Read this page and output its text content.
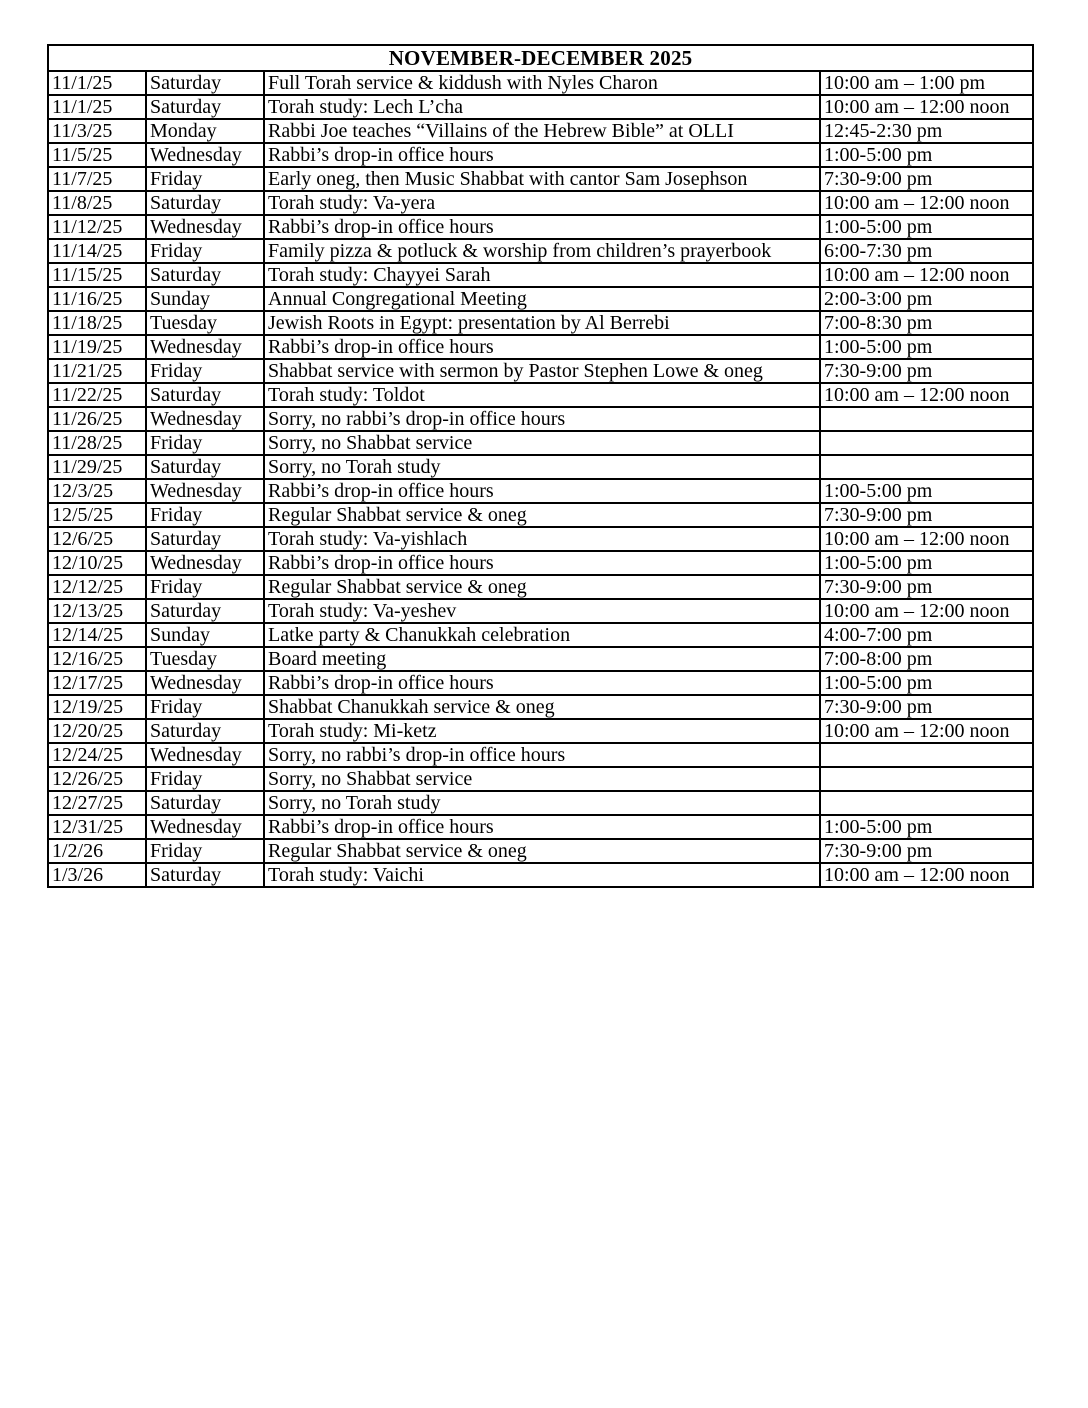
NOVEMBER-DECEMBER 2025			
11/1/25	Saturday	Full Torah service & kiddush with Nyles Charon	10:00 am – 1:00 pm
11/1/25	Saturday	Torah study: Lech L’cha	10:00 am – 12:00 noon
11/3/25	Monday	Rabbi Joe teaches “Villains of the Hebrew Bible” at OLLI	12:45-2:30 pm
11/5/25	Wednesday	Rabbi’s drop-in office hours	1:00-5:00 pm
11/7/25	Friday	Early oneg, then Music Shabbat with cantor Sam Josephson	7:30-9:00 pm
11/8/25	Saturday	Torah study: Va-yera	10:00 am – 12:00 noon
11/12/25	Wednesday	Rabbi’s drop-in office hours	1:00-5:00 pm
11/14/25	Friday	Family pizza & potluck & worship from children’s prayerbook	6:00-7:30 pm
11/15/25	Saturday	Torah study: Chayyei Sarah	10:00 am – 12:00 noon
11/16/25	Sunday	Annual Congregational Meeting	2:00-3:00 pm
11/18/25	Tuesday	Jewish Roots in Egypt: presentation by Al Berrebi	7:00-8:30 pm
11/19/25	Wednesday	Rabbi’s drop-in office hours	1:00-5:00 pm
11/21/25	Friday	Shabbat service with sermon by Pastor Stephen Lowe & oneg	7:30-9:00 pm
11/22/25	Saturday	Torah study: Toldot	10:00 am – 12:00 noon
11/26/25	Wednesday	Sorry, no rabbi’s drop-in office hours	
11/28/25	Friday	Sorry, no Shabbat service	
11/29/25	Saturday	Sorry, no Torah study	
12/3/25	Wednesday	Rabbi’s drop-in office hours	1:00-5:00 pm
12/5/25	Friday	Regular Shabbat service & oneg	7:30-9:00 pm
12/6/25	Saturday	Torah study: Va-yishlach	10:00 am – 12:00 noon
12/10/25	Wednesday	Rabbi’s drop-in office hours	1:00-5:00 pm
12/12/25	Friday	Regular Shabbat service & oneg	7:30-9:00 pm
12/13/25	Saturday	Torah study: Va-yeshev	10:00 am – 12:00 noon
12/14/25	Sunday	Latke party & Chanukkah celebration	4:00-7:00 pm
12/16/25	Tuesday	Board meeting	7:00-8:00 pm
12/17/25	Wednesday	Rabbi’s drop-in office hours	1:00-5:00 pm
12/19/25	Friday	Shabbat Chanukkah service & oneg	7:30-9:00 pm
12/20/25	Saturday	Torah study: Mi-ketz	10:00 am – 12:00 noon
12/24/25	Wednesday	Sorry, no rabbi’s drop-in office hours	
12/26/25	Friday	Sorry, no Shabbat service	
12/27/25	Saturday	Sorry, no Torah study	
12/31/25	Wednesday	Rabbi’s drop-in office hours	1:00-5:00 pm
1/2/26	Friday	Regular Shabbat service & oneg	7:30-9:00 pm
1/3/26	Saturday	Torah study: Vaichi	10:00 am – 12:00 noon
